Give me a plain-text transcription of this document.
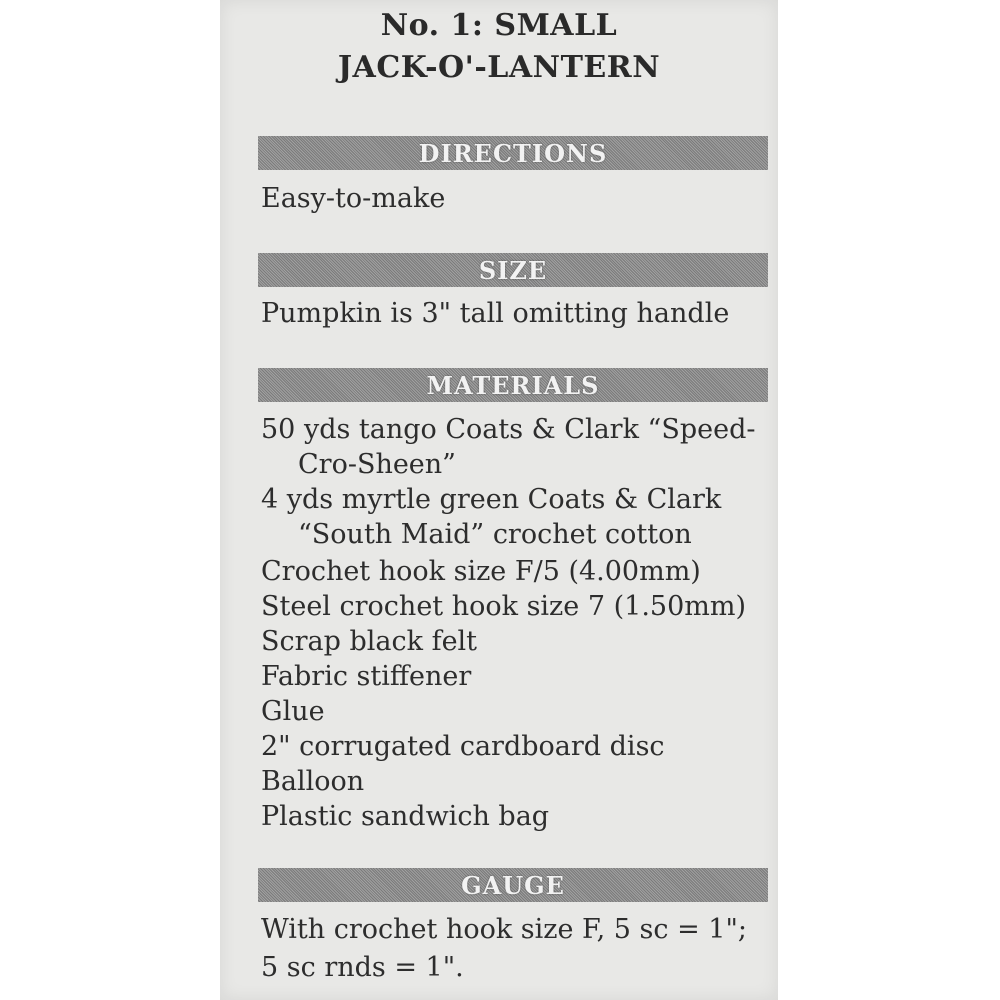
No. 1: SMALL

JACK-O'-LANTERN

DIRECTIONS

Easy-to-make

SIZE

Pumpkin is 3" tall omitting handle

MATERIALS

50 yds tango Coats & Clark “Speed-

Cro-Sheen”

4 yds myrtle green Coats & Clark

“South Maid” crochet cotton

Crochet hook size F/5 (4.00mm)

Steel crochet hook size 7 (1.50mm)

Scrap black felt

Fabric stiffener

Glue

2" corrugated cardboard disc

Balloon

Plastic sandwich bag

GAUGE

With crochet hook size F, 5 sc = 1";

5 sc rnds = 1".
